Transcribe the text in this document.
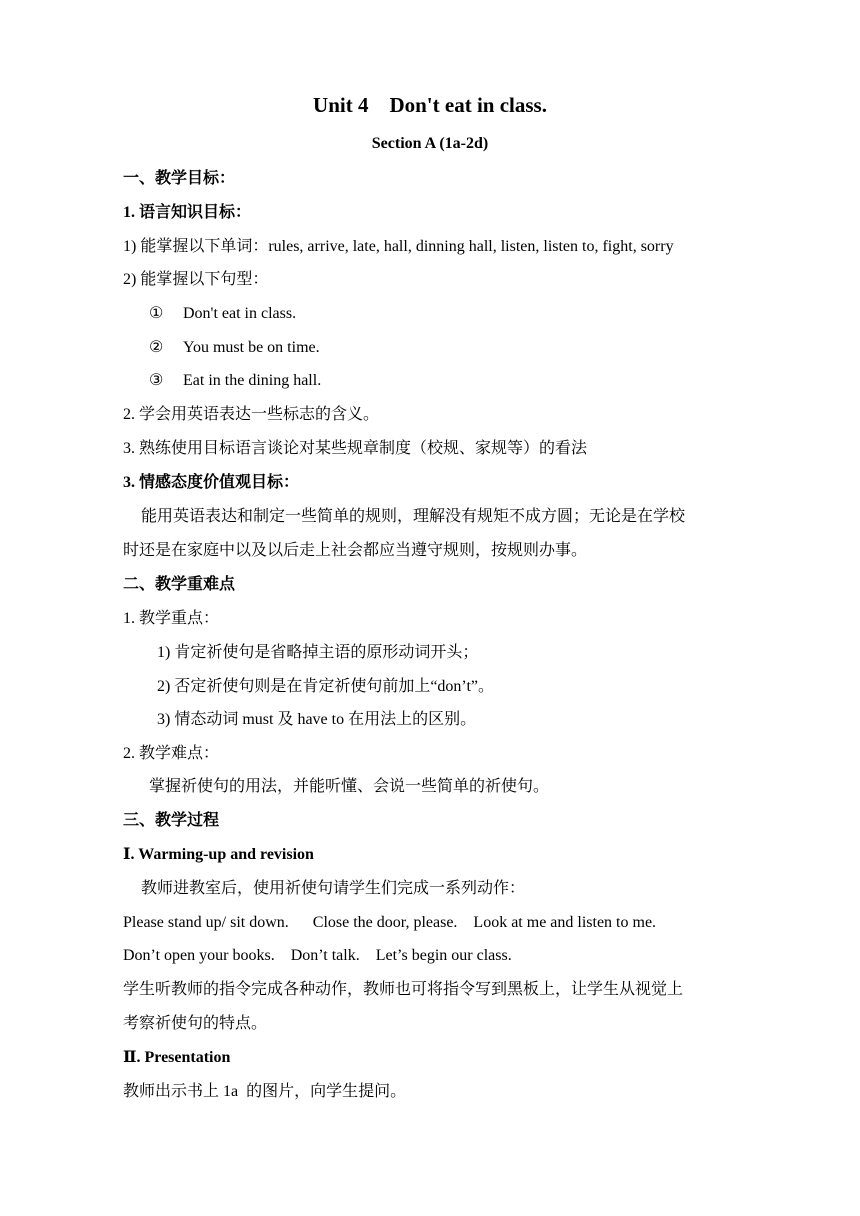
Unit 4    Don't eat in class.
Section A (1a-2d)
一、教学目标：
1. 语言知识目标：
1) 能掌握以下单词：rules, arrive, late, hall, dinning hall, listen, listen to, fight, sorry
2) 能掌握以下句型：
① Don't eat in class.
② You must be on time.
③ Eat in the dining hall.
2. 学会用英语表达一些标志的含义。
3. 熟练使用目标语言谈论对某些规章制度（校规、家规等）的看法
3. 情感态度价值观目标：
能用英语表达和制定一些简单的规则，理解没有规矩不成方圆；无论是在学校
时还是在家庭中以及以后走上社会都应当遵守规则，按规则办事。
二、教学重难点
1. 教学重点：
1) 肯定祈使句是省略掉主语的原形动词开头；
2) 否定祈使句则是在肯定祈使句前加上“don’t”。
3) 情态动词 must 及 have to 在用法上的区别。
2. 教学难点：
掌握祈使句的用法，并能听懂、会说一些简单的祈使句。
三、教学过程
Ⅰ. Warming-up and revision
教师进教室后，使用祈使句请学生们完成一系列动作：
Please stand up/ sit down.      Close the door, please.    Look at me and listen to me.
Don’t open your books.    Don’t talk.    Let’s begin our class.
学生听教师的指令完成各种动作，教师也可将指令写到黑板上，让学生从视觉上
考察祈使句的特点。
Ⅱ. Presentation
教师出示书上 1a  的图片，向学生提问。
